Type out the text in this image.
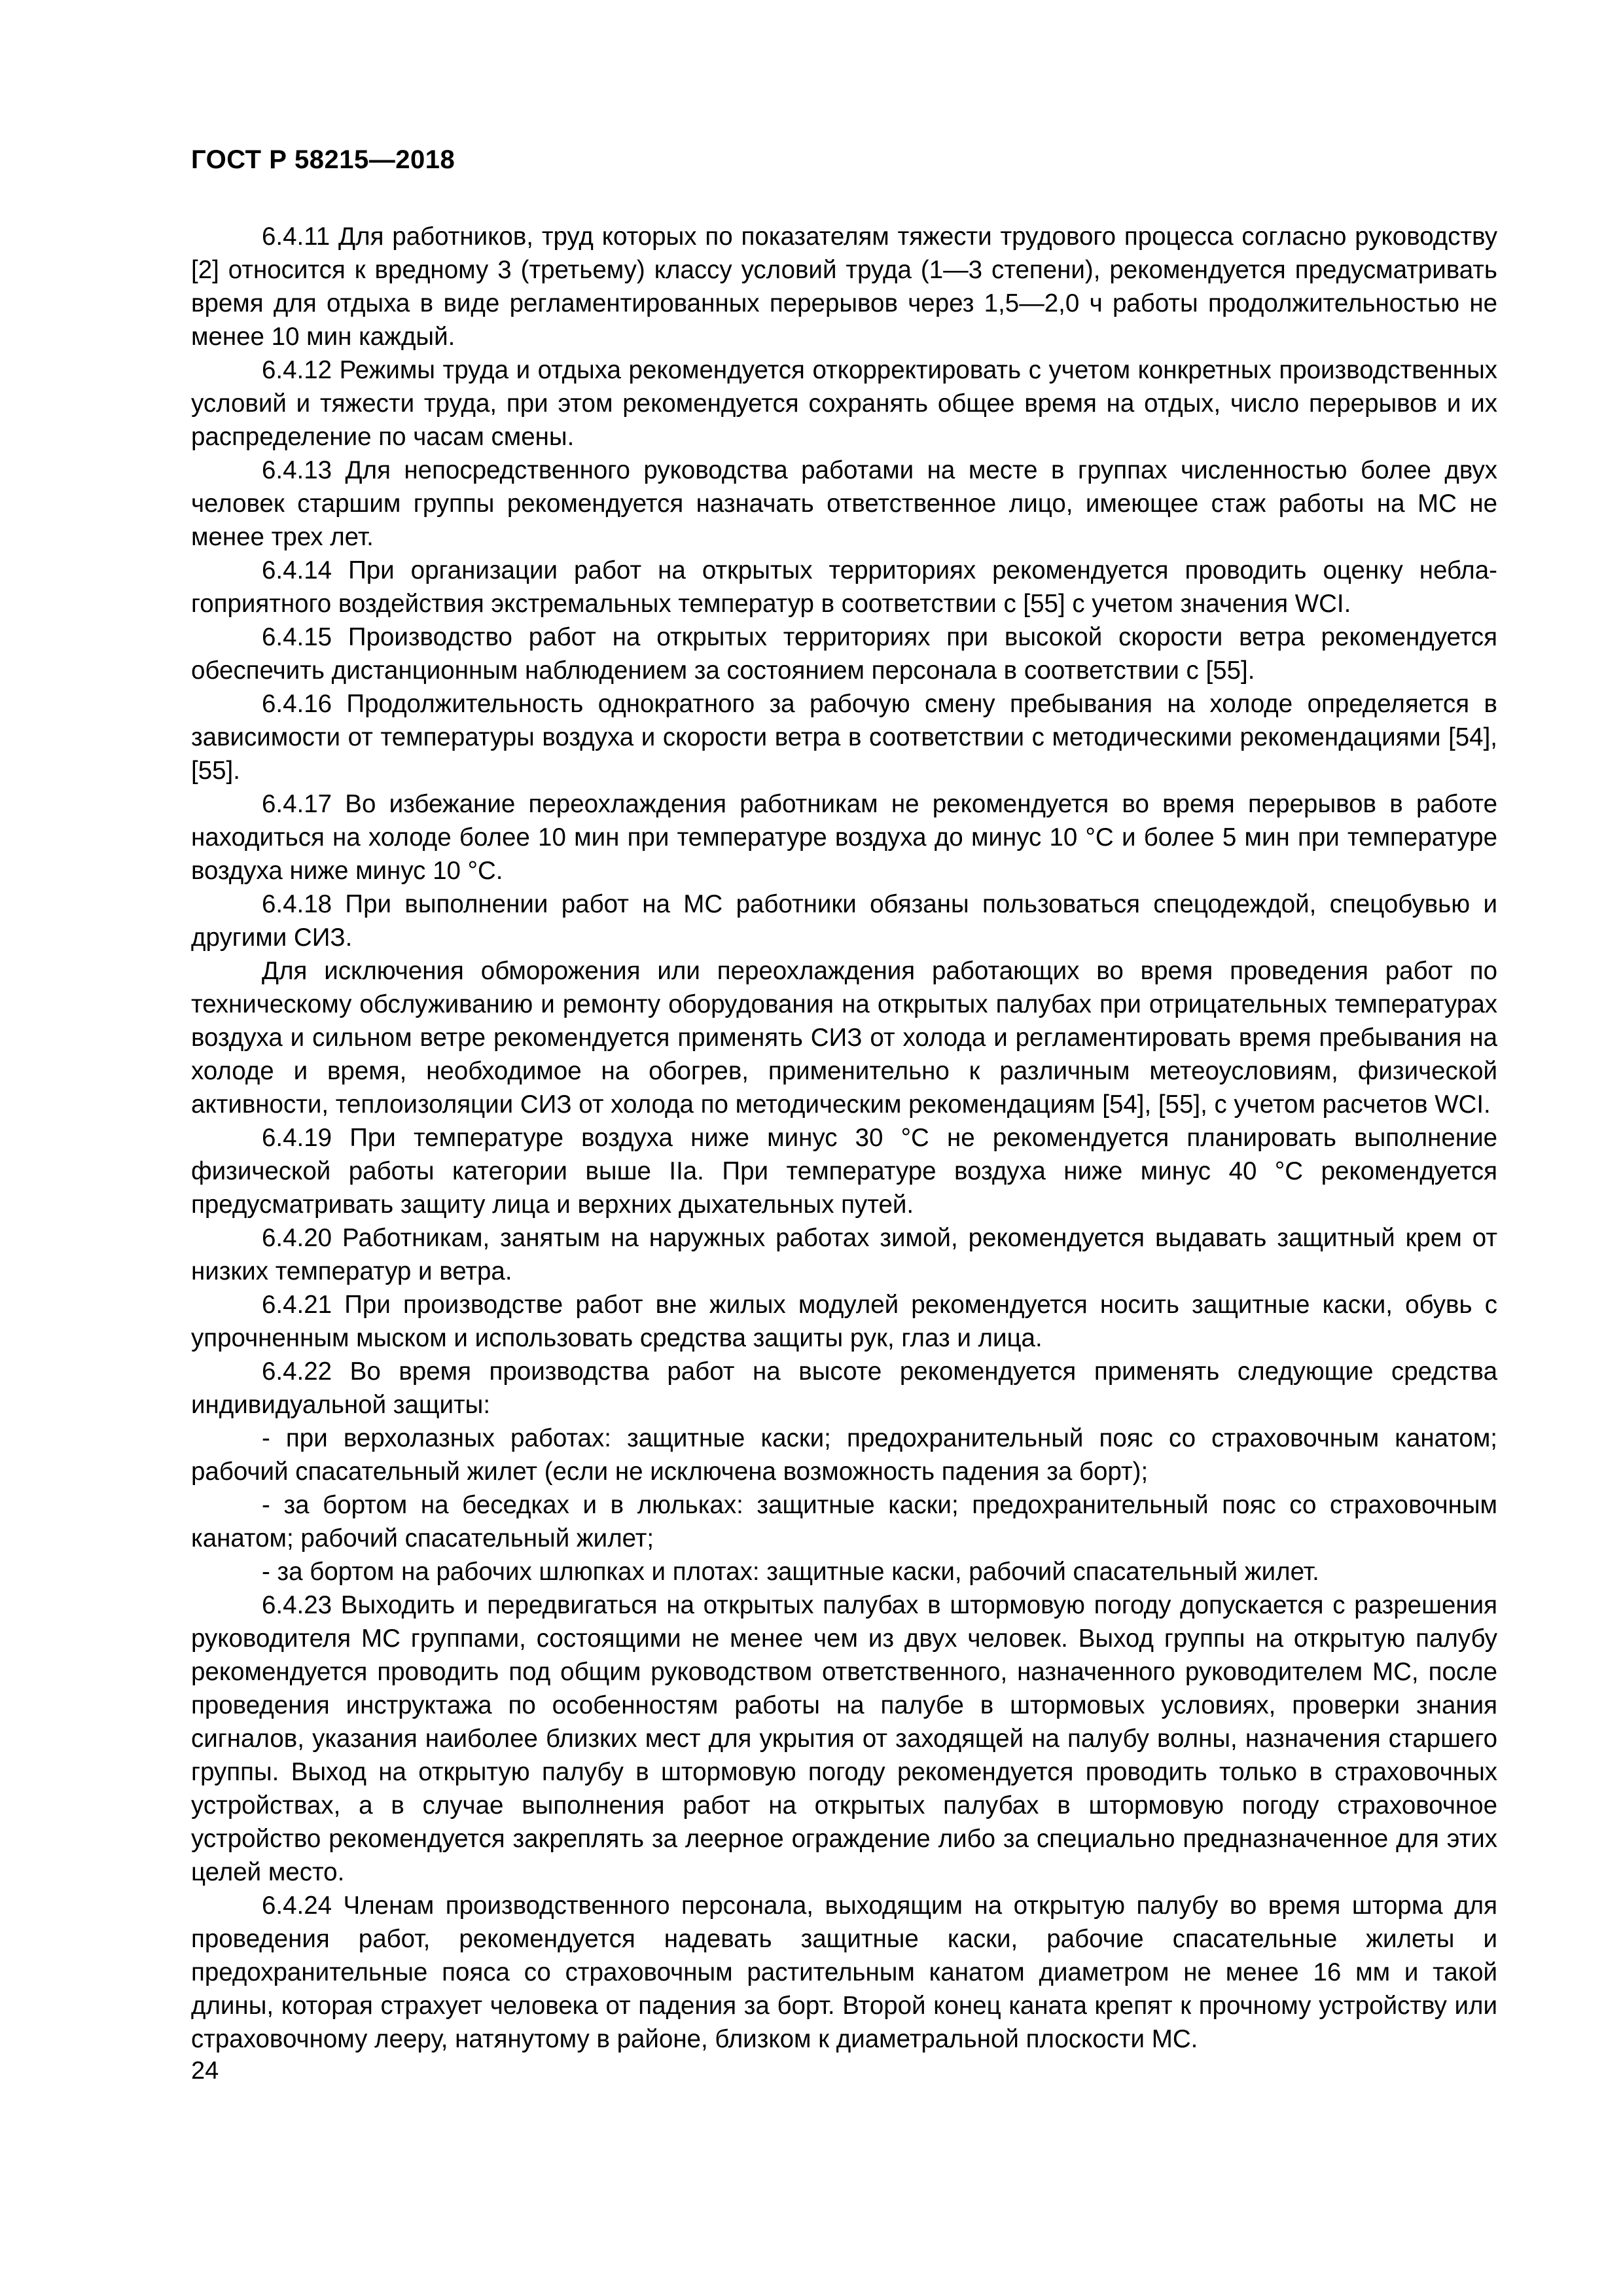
ГОСТ Р 58215—2018

6.4.11 Для работников, труд которых по показателям тяжести трудового процесса согласно руководству [2] относится к вредному 3 (третьему) классу условий труда (1—3 степени), рекомендуется предусматривать время для отдыха в виде регламентированных перерывов через 1,5—2,0 ч работы продолжительностью не менее 10 мин каждый.

6.4.12 Режимы труда и отдыха рекомендуется откорректировать с учетом конкретных производственных условий и тяжести труда, при этом рекомендуется сохранять общее время на отдых, число перерывов и их распределение по часам смены.

6.4.13 Для непосредственного руководства работами на месте в группах численностью более двух человек старшим группы рекомендуется назначать ответственное лицо, имеющее стаж работы на МС не менее трех лет.

6.4.14 При организации работ на открытых территориях рекомендуется проводить оценку неблагоприятного воздействия экстремальных температур в соответствии с [55] с учетом значения WCI.

6.4.15 Производство работ на открытых территориях при высокой скорости ветра рекомендуется обеспечить дистанционным наблюдением за состоянием персонала в соответствии с [55].

6.4.16 Продолжительность однократного за рабочую смену пребывания на холоде определяется в зависимости от температуры воздуха и скорости ветра в соответствии с методическими рекомендациями [54], [55].

6.4.17 Во избежание переохлаждения работникам не рекомендуется во время перерывов в работе находиться на холоде более 10 мин при температуре воздуха до минус 10 °С и более 5 мин при температуре воздуха ниже минус 10 °С.

6.4.18 При выполнении работ на МС работники обязаны пользоваться спецодеждой, спецобувью и другими СИЗ.

Для исключения обморожения или переохлаждения работающих во время проведения работ по техническому обслуживанию и ремонту оборудования на открытых палубах при отрицательных температурах воздуха и сильном ветре рекомендуется применять СИЗ от холода и регламентировать время пребывания на холоде и время, необходимое на обогрев, применительно к различным метеоусловиям, физической активности, теплоизоляции СИЗ от холода по методическим рекомендациям [54], [55], с учетом расчетов WCI.

6.4.19 При температуре воздуха ниже минус 30 °С не рекомендуется планировать выполнение физической работы категории выше IIа. При температуре воздуха ниже минус 40 °С рекомендуется предусматривать защиту лица и верхних дыхательных путей.

6.4.20 Работникам, занятым на наружных работах зимой, рекомендуется выдавать защитный крем от низких температур и ветра.

6.4.21 При производстве работ вне жилых модулей рекомендуется носить защитные каски, обувь с упрочненным мыском и использовать средства защиты рук, глаз и лица.

6.4.22 Во время производства работ на высоте рекомендуется применять следующие средства индивидуальной защиты:

- при верхолазных работах: защитные каски; предохранительный пояс со страховочным канатом; рабочий спасательный жилет (если не исключена возможность падения за борт);

- за бортом на беседках и в люльках: защитные каски; предохранительный пояс со страховочным канатом; рабочий спасательный жилет;

- за бортом на рабочих шлюпках и плотах: защитные каски, рабочий спасательный жилет.

6.4.23 Выходить и передвигаться на открытых палубах в штормовую погоду допускается с разрешения руководителя МС группами, состоящими не менее чем из двух человек. Выход группы на открытую палубу рекомендуется проводить под общим руководством ответственного, назначенного руководителем МС, после проведения инструктажа по особенностям работы на палубе в штормовых условиях, проверки знания сигналов, указания наиболее близких мест для укрытия от заходящей на палубу волны, назначения старшего группы. Выход на открытую палубу в штормовую погоду рекомендуется проводить только в страховочных устройствах, а в случае выполнения работ на открытых палубах в штормовую погоду страховочное устройство рекомендуется закреплять за леерное ограждение либо за специально предназначенное для этих целей место.

6.4.24 Членам производственного персонала, выходящим на открытую палубу во время шторма для проведения работ, рекомендуется надевать защитные каски, рабочие спасательные жилеты и предохранительные пояса со страховочным растительным канатом диаметром не менее 16 мм и такой длины, которая страхует человека от падения за борт. Второй конец каната крепят к прочному устройству или страховочному лееру, натянутому в районе, близком к диаметральной плоскости МС.

24
